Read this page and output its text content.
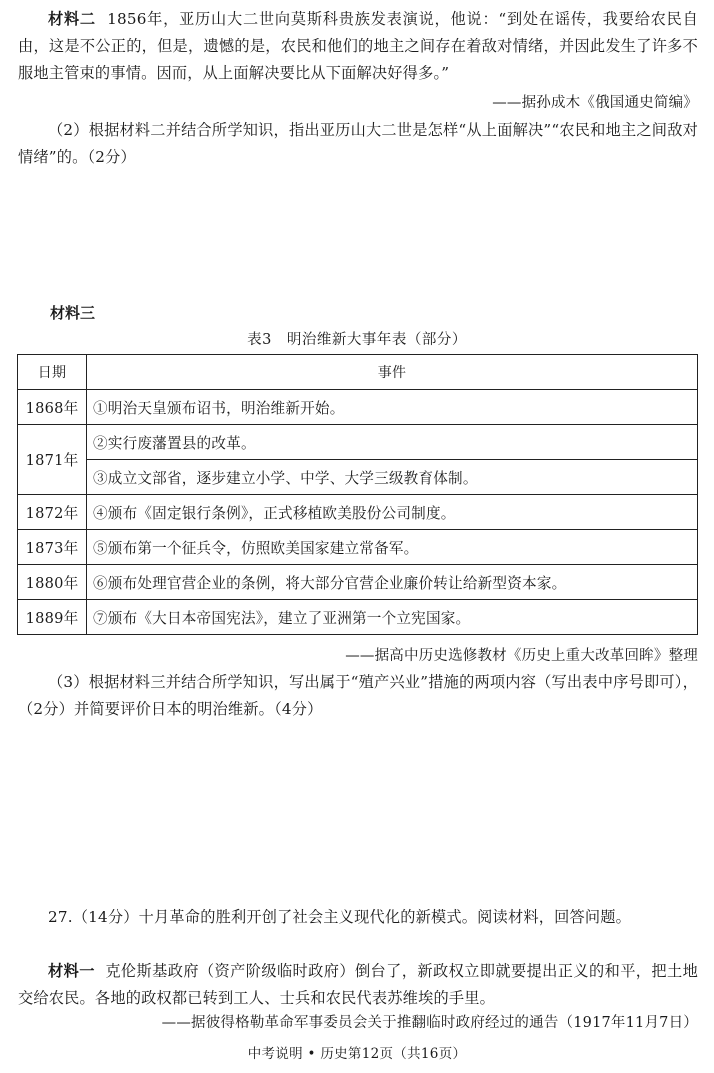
材料二 1856年，亚历山大二世向莫斯科贵族发表演说，他说：“到处在谣传，我要给农民自由，这是不公正的，但是，遗憾的是，农民和他们的地主之间存在着敌对情绪，并因此发生了许多不服地主管束的事情。因而，从上面解决要比从下面解决好得多。”

——据孙成木《俄国通史简编》

（2）根据材料二并结合所学知识，指出亚历山大二世是怎样“从上面解决”“农民和地主之间敌对情绪”的。（2分）

材料三
表3　明治维新大事年表（部分）
日期	事件
1868年	①明治天皇颁布诏书，明治维新开始。
1871年	②实行废藩置县的改革。
	③成立文部省，逐步建立小学、中学、大学三级教育体制。
1872年	④颁布《固定银行条例》，正式移植欧美股份公司制度。
1873年	⑤颁布第一个征兵令，仿照欧美国家建立常备军。
1880年	⑥颁布处理官营企业的条例，将大部分官营企业廉价转让给新型资本家。
1889年	⑦颁布《大日本帝国宪法》，建立了亚洲第一个立宪国家。
——据高中历史选修教材《历史上重大改革回眸》整理

（3）根据材料三并结合所学知识，写出属于“殖产兴业”措施的两项内容（写出表中序号即可），（2分）并简要评价日本的明治维新。（4分）

27.（14分）十月革命的胜利开创了社会主义现代化的新模式。阅读材料，回答问题。

材料一 克伦斯基政府（资产阶级临时政府）倒台了，新政权立即就要提出正义的和平，把土地交给农民。各地的政权都已转到工人、士兵和农民代表苏维埃的手里。

——据彼得格勒革命军事委员会关于推翻临时政府经过的通告（1917年11月7日）
中考说明 • 历史第12页（共16页）
